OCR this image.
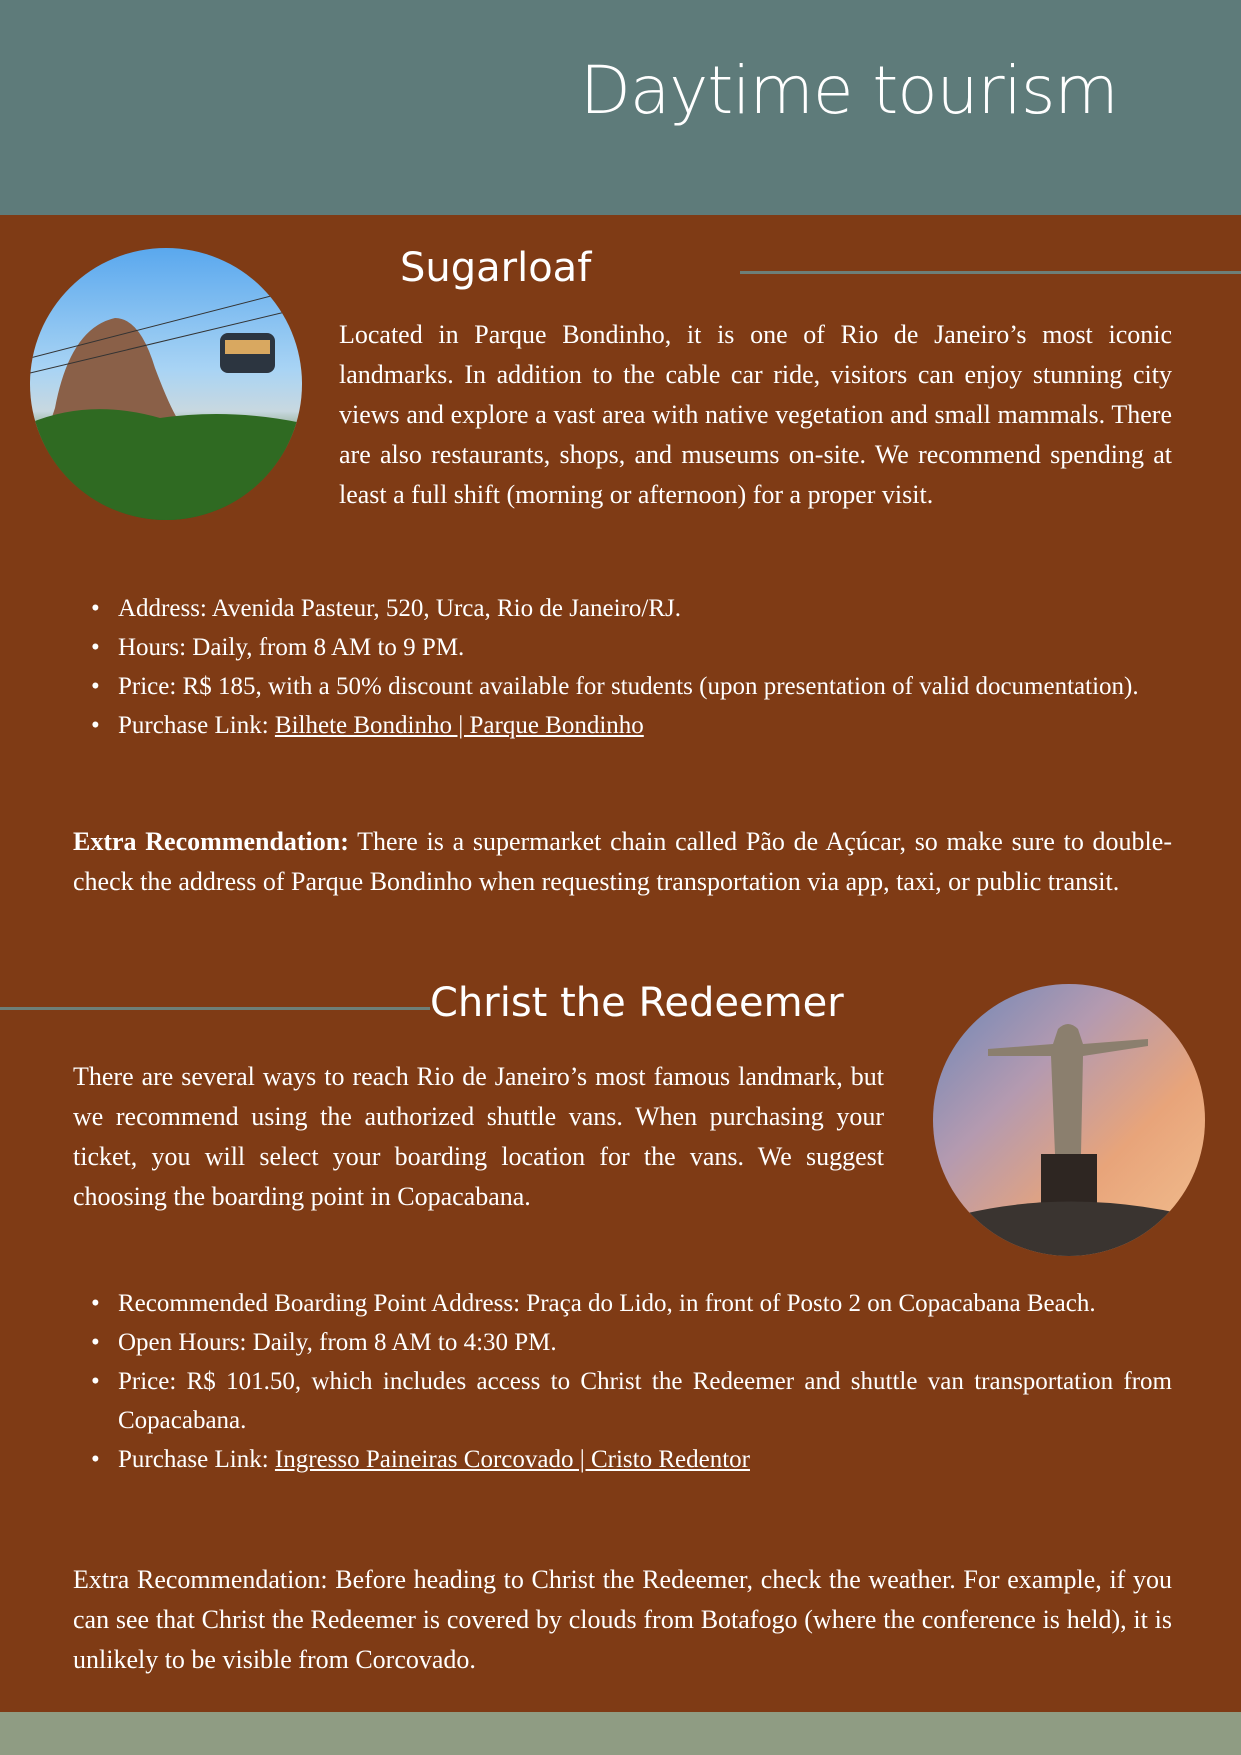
Daytime tourism
Sugarloaf
Located in Parque Bondinho, it is one of Rio de Janeiro’s most iconic landmarks. In addition to the cable car ride, visitors can enjoy stunning city views and explore a vast area with native vegetation and small mammals. There are also restaurants, shops, and museums on-site. We recommend spending at least a full shift (morning or afternoon) for a proper visit.
• Address: Avenida Pasteur, 520, Urca, Rio de Janeiro/RJ.
• Hours: Daily, from 8 AM to 9 PM.
• Price: R$ 185, with a 50% discount available for students (upon presentation of valid documentation).
• Purchase Link: Bilhete Bondinho | Parque Bondinho
Extra Recommendation: There is a supermarket chain called Pão de Açúcar, so make sure to double-check the address of Parque Bondinho when requesting transportation via app, taxi, or public transit.
Christ the Redeemer
There are several ways to reach Rio de Janeiro’s most famous landmark, but we recommend using the authorized shuttle vans. When purchasing your ticket, you will select your boarding location for the vans. We suggest choosing the boarding point in Copacabana.
• Recommended Boarding Point Address: Praça do Lido, in front of Posto 2 on Copacabana Beach.
• Open Hours: Daily, from 8 AM to 4:30 PM.
• Price: R$ 101.50, which includes access to Christ the Redeemer and shuttle van transportation from Copacabana.
• Purchase Link: Ingresso Paineiras Corcovado | Cristo Redentor
Extra Recommendation: Before heading to Christ the Redeemer, check the weather. For example, if you can see that Christ the Redeemer is covered by clouds from Botafogo (where the conference is held), it is unlikely to be visible from Corcovado.
